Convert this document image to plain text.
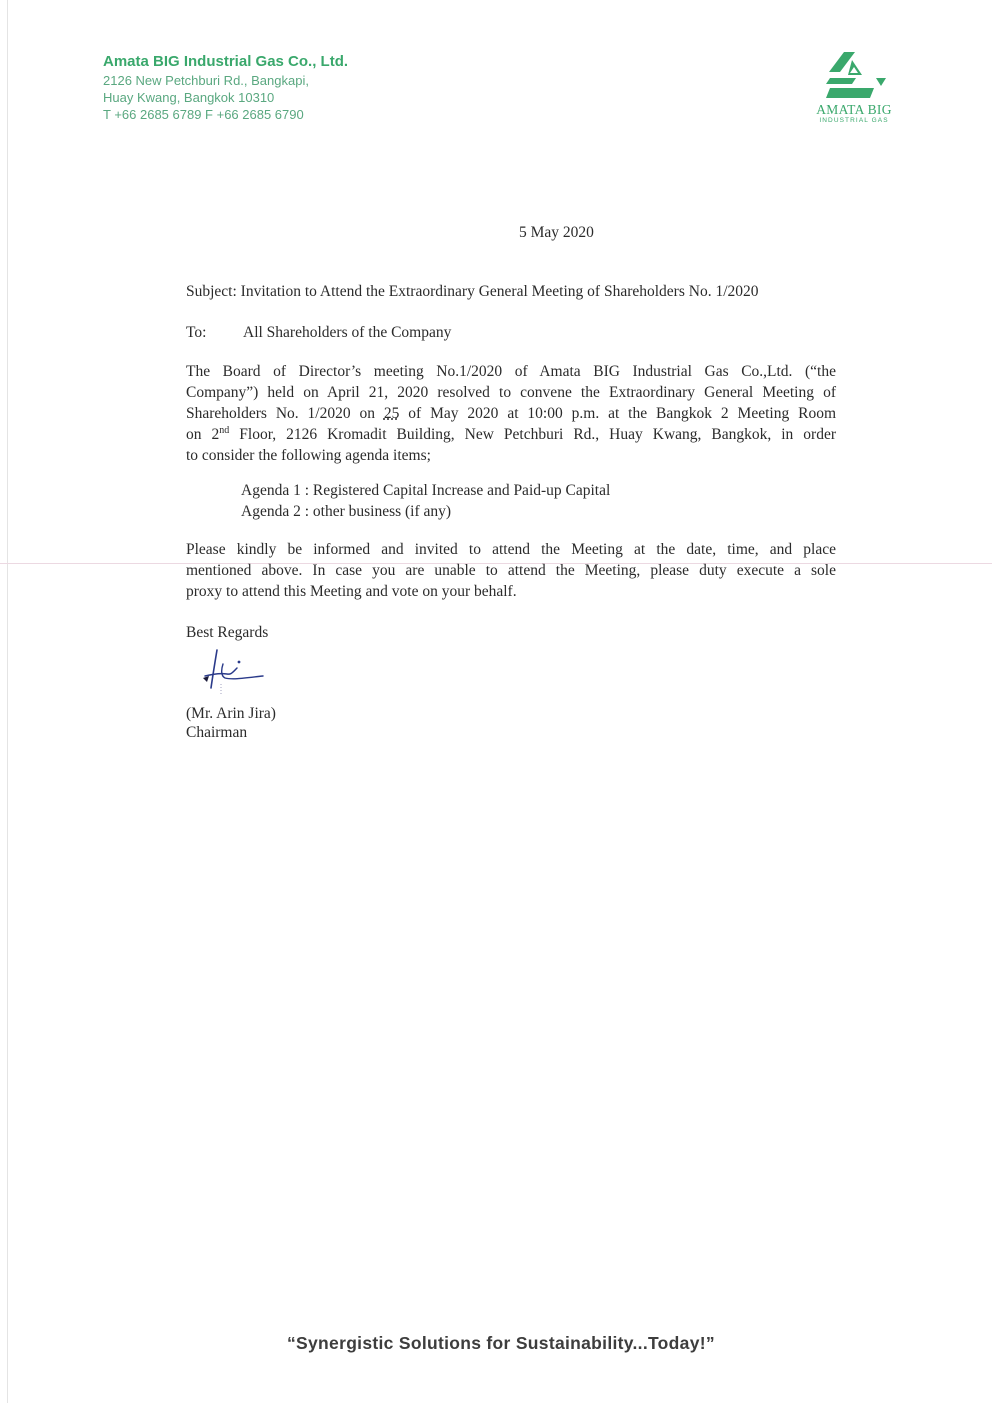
Amata BIG Industrial Gas Co., Ltd.
2126 New Petchburi Rd., Bangkapi,
Huay Kwang, Bangkok 10310
T +66 2685 6789 F +66 2685 6790	AMATA BIG
INDUSTRIAL GAS
5 May 2020
Subject: Invitation to Attend the Extraordinary General Meeting of Shareholders No. 1/2020
To: All Shareholders of the Company
The Board of Director’s meeting No.1/2020 of Amata BIG Industrial Gas Co.,Ltd. (“the
Company”) held on April 21, 2020 resolved to convene the Extraordinary General Meeting of
Shareholders No. 1/2020 on 25 of May 2020 at 10:00 p.m. at the Bangkok 2 Meeting Room
on 2nd Floor, 2126 Kromadit Building, New Petchburi Rd., Huay Kwang, Bangkok, in order
to consider the following agenda items;
Agenda 1 : Registered Capital Increase and Paid-up Capital
Agenda 2 : other business (if any)
Please kindly be informed and invited to attend the Meeting at the date, time, and place
mentioned above. In case you are unable to attend the Meeting, please duty execute a sole
proxy to attend this Meeting and vote on your behalf.
Best Regards
(Mr. Arin Jira)
Chairman
“Synergistic Solutions for Sustainability...Today!”
